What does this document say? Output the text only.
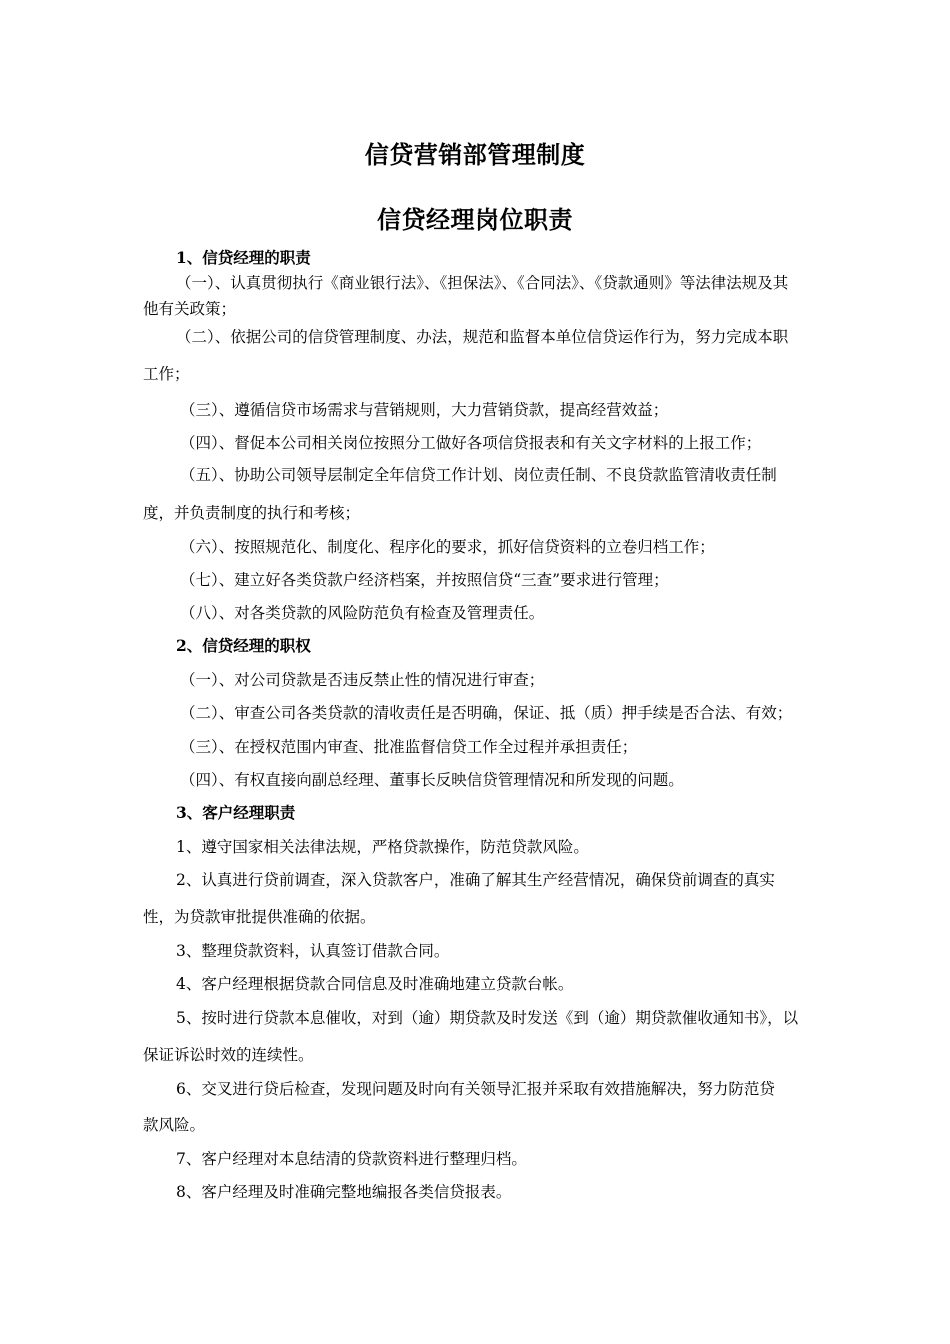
信贷营销部管理制度
信贷经理岗位职责
1、信贷经理的职责
（一）、认真贯彻执行《商业银行法》、《担保法》、《合同法》、《贷款通则》等法律法规及其
他有关政策；
（二）、依据公司的信贷管理制度、办法，规范和监督本单位信贷运作行为，努力完成本职
工作；
（三）、遵循信贷市场需求与营销规则，大力营销贷款，提高经营效益；
（四）、督促本公司相关岗位按照分工做好各项信贷报表和有关文字材料的上报工作；
（五）、协助公司领导层制定全年信贷工作计划、岗位责任制、不良贷款监管清收责任制
度，并负责制度的执行和考核；
（六）、按照规范化、制度化、程序化的要求，抓好信贷资料的立卷归档工作；
（七）、建立好各类贷款户经济档案，并按照信贷“三查”要求进行管理；
（八）、对各类贷款的风险防范负有检查及管理责任。
2、信贷经理的职权
（一）、对公司贷款是否违反禁止性的情况进行审查；
（二）、审查公司各类贷款的清收责任是否明确，保证、抵（质）押手续是否合法、有效；
（三）、在授权范围内审查、批准监督信贷工作全过程并承担责任；
（四）、有权直接向副总经理、董事长反映信贷管理情况和所发现的问题。
3、客户经理职责
1、遵守国家相关法律法规，严格贷款操作，防范贷款风险。
2、认真进行贷前调查，深入贷款客户，准确了解其生产经营情况，确保贷前调查的真实
性，为贷款审批提供准确的依据。
3、整理贷款资料，认真签订借款合同。
4、客户经理根据贷款合同信息及时准确地建立贷款台帐。
5、按时进行贷款本息催收，对到（逾）期贷款及时发送《到（逾）期贷款催收通知书》，以
保证诉讼时效的连续性。
6、交叉进行贷后检查，发现问题及时向有关领导汇报并采取有效措施解决，努力防范贷
款风险。
7、客户经理对本息结清的贷款资料进行整理归档。
8、客户经理及时准确完整地编报各类信贷报表。
